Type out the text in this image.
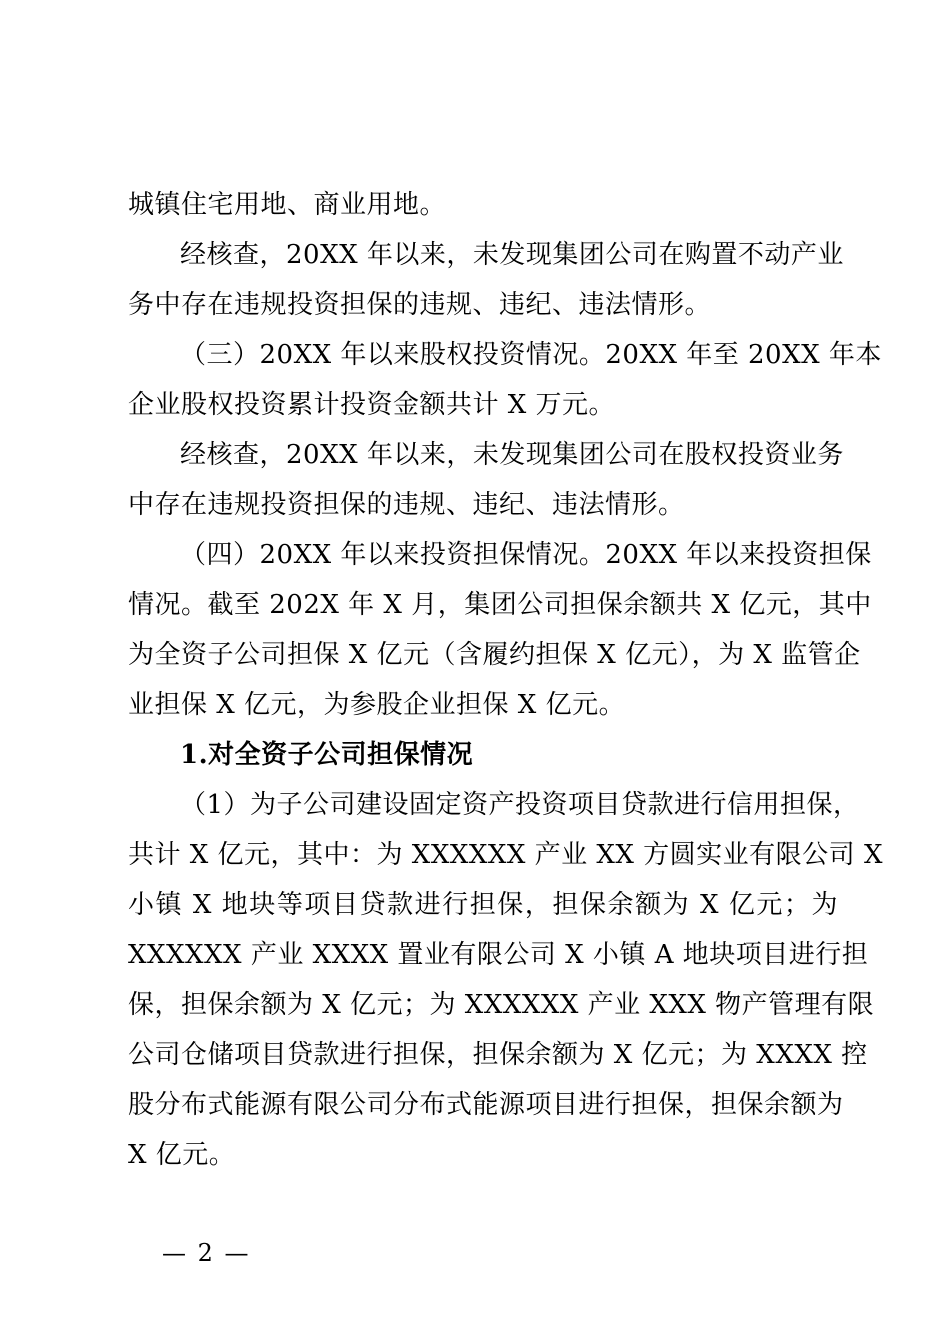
城镇住宅用地、商业用地。
经核查，20XX 年以来，未发现集团公司在购置不动产业
务中存在违规投资担保的违规、违纪、违法情形。
（三）20XX 年以来股权投资情况。20XX 年至 20XX 年本
企业股权投资累计投资金额共计 X 万元。
经核查，20XX 年以来，未发现集团公司在股权投资业务
中存在违规投资担保的违规、违纪、违法情形。
（四）20XX 年以来投资担保情况。20XX 年以来投资担保
情况。截至 202X 年 X 月，集团公司担保余额共 X 亿元，其中
为全资子公司担保 X 亿元（含履约担保 X 亿元），为 X 监管企
业担保 X 亿元，为参股企业担保 X 亿元。
1.对全资子公司担保情况
（1）为子公司建设固定资产投资项目贷款进行信用担保，
共计 X 亿元，其中：为 XXXXXX 产业 XX 方圆实业有限公司 X
小镇 X 地块等项目贷款进行担保，担保余额为 X 亿元；为
XXXXXX 产业 XXXX 置业有限公司 X 小镇 A 地块项目进行担
保，担保余额为 X 亿元；为 XXXXXX 产业 XXX 物产管理有限
公司仓储项目贷款进行担保，担保余额为 X 亿元；为 XXXX 控
股分布式能源有限公司分布式能源项目进行担保，担保余额为
X 亿元。
— 2 —
